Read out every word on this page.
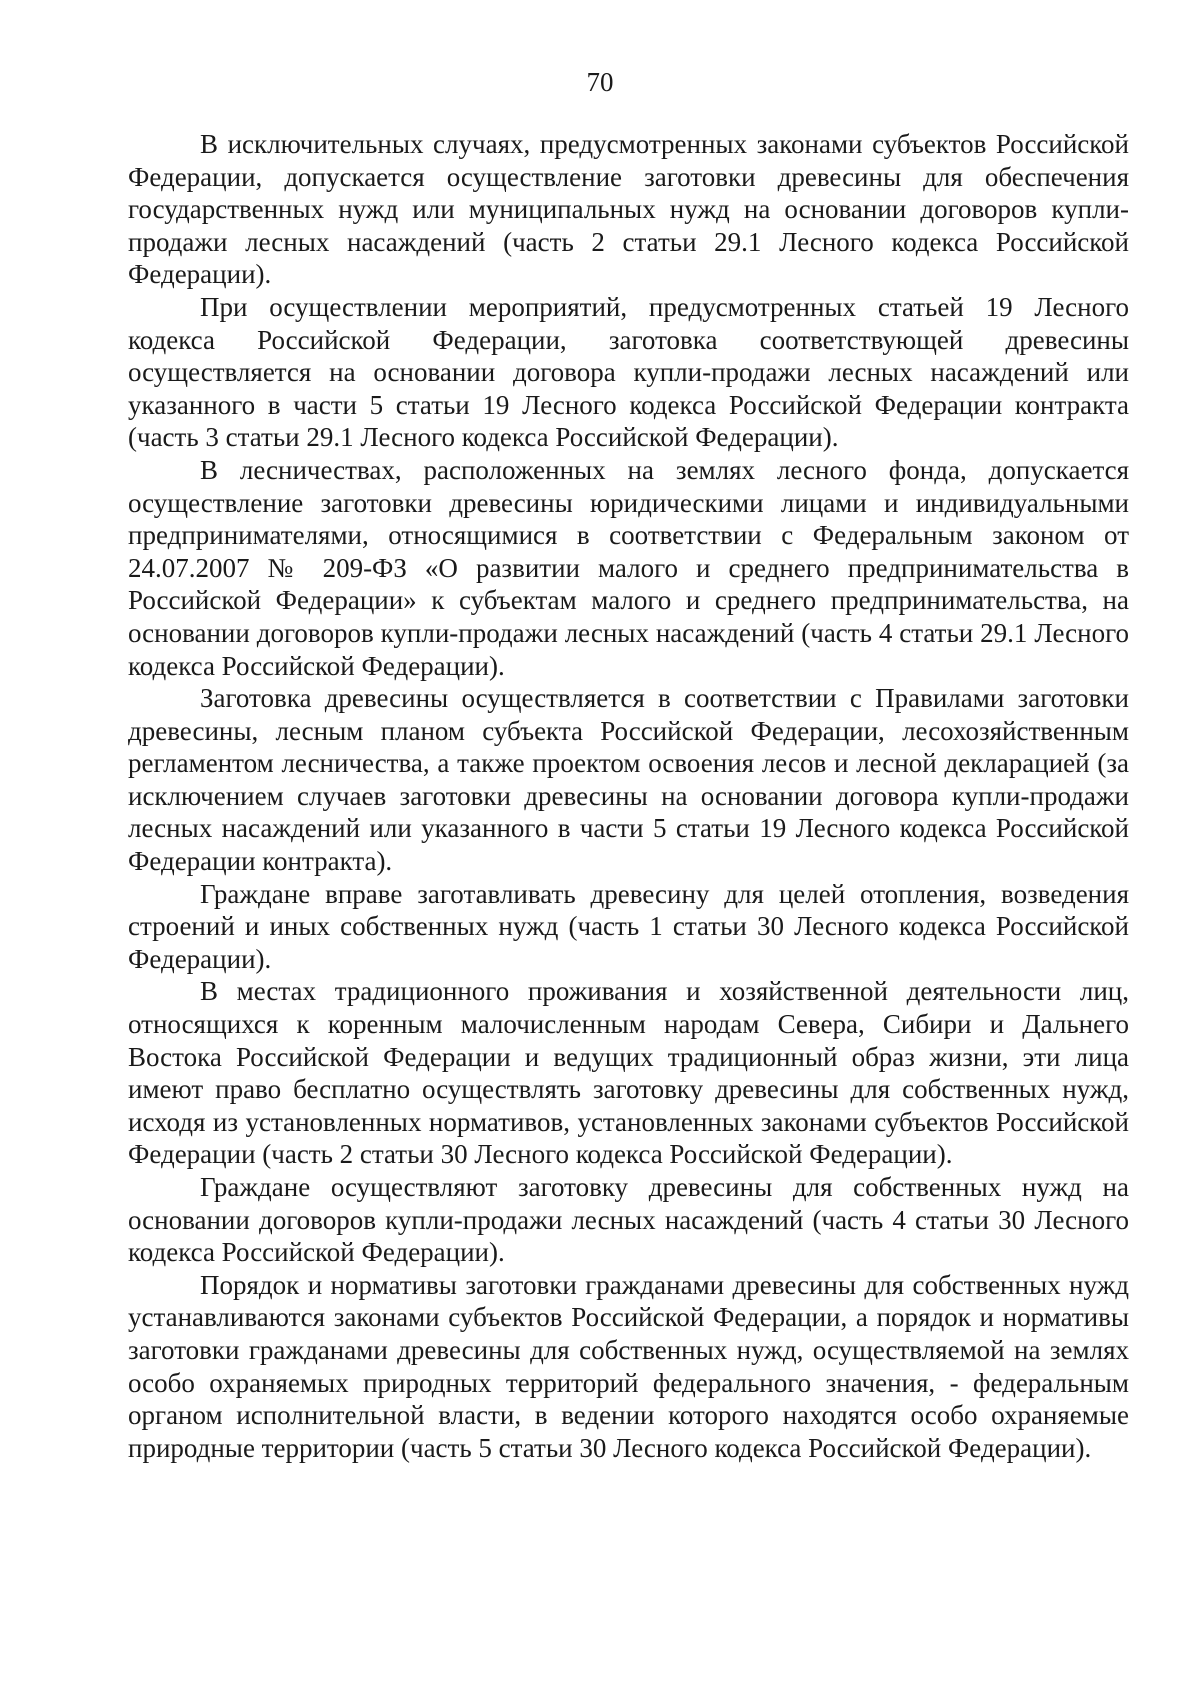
70

В исключительных случаях, предусмотренных законами субъектов Российской Федерации, допускается осуществление заготовки древесины для обеспечения государственных нужд или муниципальных нужд на основании договоров купли-продажи лесных насаждений (часть 2 статьи 29.1 Лесного кодекса Российской Федерации).

При осуществлении мероприятий, предусмотренных статьей 19 Лесного кодекса Российской Федерации, заготовка соответствующей древесины осуществляется на основании договора купли-продажи лесных насаждений или указанного в части 5 статьи 19 Лесного кодекса Российской Федерации контракта (часть 3 статьи 29.1 Лесного кодекса Российской Федерации).

В лесничествах, расположенных на землях лесного фонда, допускается осуществление заготовки древесины юридическими лицами и индивидуальными предпринимателями, относящимися в соответствии с Федеральным законом от 24.07.2007 № 209-ФЗ «О развитии малого и среднего предпринимательства в Российской Федерации» к субъектам малого и среднего предпринимательства, на основании договоров купли-продажи лесных насаждений (часть 4 статьи 29.1 Лесного кодекса Российской Федерации).

Заготовка древесины осуществляется в соответствии с Правилами заготовки древесины, лесным планом субъекта Российской Федерации, лесохозяйственным регламентом лесничества, а также проектом освоения лесов и лесной декларацией (за исключением случаев заготовки древесины на основании договора купли-продажи лесных насаждений или указанного в части 5 статьи 19 Лесного кодекса Российской Федерации контракта).

Граждане вправе заготавливать древесину для целей отопления, возведения строений и иных собственных нужд (часть 1 статьи 30 Лесного кодекса Российской Федерации).

В местах традиционного проживания и хозяйственной деятельности лиц, относящихся к коренным малочисленным народам Севера, Сибири и Дальнего Востока Российской Федерации и ведущих традиционный образ жизни, эти лица имеют право бесплатно осуществлять заготовку древесины для собственных нужд, исходя из установленных нормативов, установленных законами субъектов Российской Федерации (часть 2 статьи 30 Лесного кодекса Российской Федерации).

Граждане осуществляют заготовку древесины для собственных нужд на основании договоров купли-продажи лесных насаждений (часть 4 статьи 30 Лесного кодекса Российской Федерации).

Порядок и нормативы заготовки гражданами древесины для собственных нужд устанавливаются законами субъектов Российской Федерации, а порядок и нормативы заготовки гражданами древесины для собственных нужд, осуществляемой на землях особо охраняемых природных территорий федерального значения, - федеральным органом исполнительной власти, в ведении которого находятся особо охраняемые природные территории (часть 5 статьи 30 Лесного кодекса Российской Федерации).
